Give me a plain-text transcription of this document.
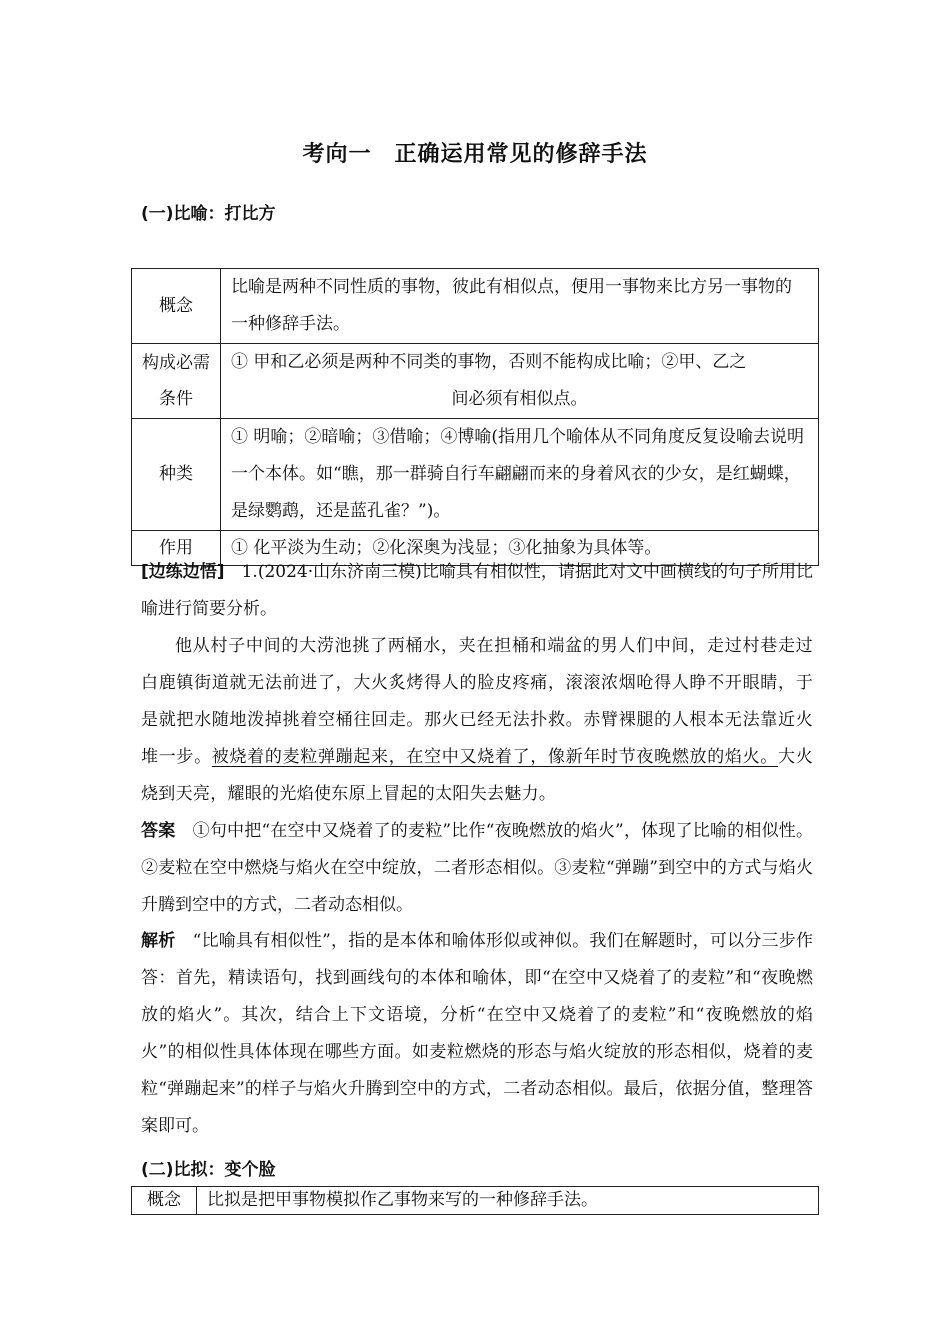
考向一　正确运用常见的修辞手法
(一)比喻：打比方
概念	比喻是两种不同性质的事物，彼此有相似点，便用一事物来比方另一事物的一种修辞手法。
构成必需条件	① 甲和乙必须是两种不同类的事物，否则不能构成比喻；②甲、乙之
间必须有相似点。

种类	① 明喻；②暗喻；③借喻；④博喻(指用几个喻体从不同角度反复设喻去说明一个本体。如“瞧，那一群骑自行车翩翩而来的身着风衣的少女，是红蝴蝶，是绿鹦鹉，还是蓝孔雀？”)。
作用	① 化平淡为生动；②化深奥为浅显；③化抽象为具体等。
[边练边悟]　1.(2024·山东济南三模)比喻具有相似性，请据此对文中画横线的句子所用比喻进行简要分析。
他从村子中间的大涝池挑了两桶水，夹在担桶和端盆的男人们中间，走过村巷走过白鹿镇街道就无法前进了，大火炙烤得人的脸皮疼痛，滚滚浓烟呛得人睁不开眼睛，于是就把水随地泼掉挑着空桶往回走。那火已经无法扑救。赤臂裸腿的人根本无法靠近火堆一步。被烧着的麦粒弹蹦起来，在空中又烧着了，像新年时节夜晚燃放的焰火。大火烧到天亮，耀眼的光焰使东原上冒起的太阳失去魅力。
答案　①句中把“在空中又烧着了的麦粒”比作“夜晚燃放的焰火”，体现了比喻的相似性。②麦粒在空中燃烧与焰火在空中绽放，二者形态相似。③麦粒“弹蹦”到空中的方式与焰火升腾到空中的方式，二者动态相似。
解析　“比喻具有相似性”，指的是本体和喻体形似或神似。我们在解题时，可以分三步作答：首先，精读语句，找到画线句的本体和喻体，即“在空中又烧着了的麦粒”和“夜晚燃放的焰火”。其次，结合上下文语境，分析“在空中又烧着了的麦粒”和“夜晚燃放的焰火”的相似性具体体现在哪些方面。如麦粒燃烧的形态与焰火绽放的形态相似，烧着的麦粒“弹蹦起来”的样子与焰火升腾到空中的方式，二者动态相似。最后，依据分值，整理答案即可。
(二)比拟：变个脸
概念	比拟是把甲事物模拟作乙事物来写的一种修辞手法。
